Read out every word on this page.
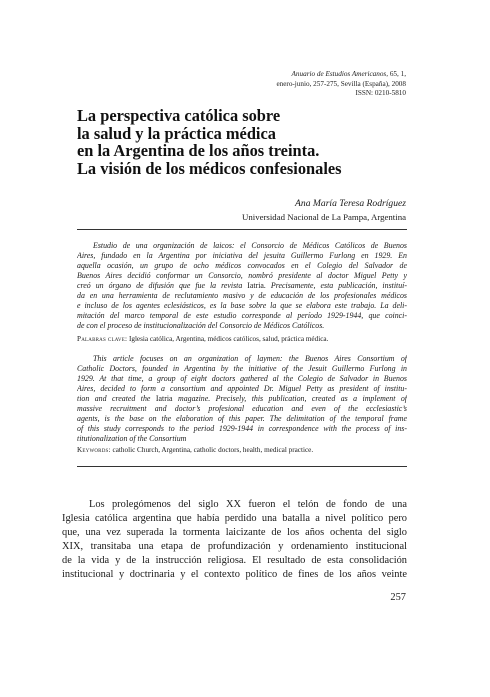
Anuario de Estudios Americanos, 65, 1,
enero-junio, 257-275, Sevilla (España), 2008
ISSN: 0210-5810
La perspectiva católica sobre
la salud y la práctica médica
en la Argentina de los años treinta.
La visión de los médicos confesionales
Ana María Teresa Rodríguez
Universidad Nacional de La Pampa, Argentina
Estudio de una organización de laicos: el Consorcio de Médicos Católicos de Buenos
Aires, fundado en la Argentina por iniciativa del jesuita Guillermo Furlong en 1929. En
aquella ocasión, un grupo de ocho médicos convocados en el Colegio del Salvador de
Buenos Aires decidió conformar un Consorcio, nombró presidente al doctor Miguel Petty y
creó un órgano de difusión que fue la revista Iatria. Precisamente, esta publicación, instituí-
da en una herramienta de reclutamiento masivo y de educación de los profesionales médicos
e incluso de los agentes eclesiásticos, es la base sobre la que se elabora este trabajo. La deli-
mitación del marco temporal de este estudio corresponde al período 1929-1944, que coinci-
de con el proceso de institucionalización del Consorcio de Médicos Católicos.
Palabras clave: Iglesia católica, Argentina, médicos católicos, salud, práctica médica.
This article focuses on an organization of laymen: the Buenos Aires Consortium of
Catholic Doctors, founded in Argentina by the initiative of the Jesuit Guillermo Furlong in
1929. At that time, a group of eight doctors gathered al the Colegio de Salvador in Buenos
Aires, decided to form a consortium and appointed Dr. Miguel Petty as president of institu-
tion and created the Iatria magazine. Precisely, this publication, created as a implement of
massive recruitment and doctor’s profesional education and even of the ecclesiastic’s
agents, is the base on the elaboration of this paper. The delimitation of the temporal frame
of this study corresponds to the period 1929-1944 in correspondence with the process of ins-
titutionalization of the Consortium
Keywords: catholic Church, Argentina, catholic doctors, health, medical practice.
Los prolegómenos del siglo XX fueron el telón de fondo de una
Iglesia católica argentina que había perdido una batalla a nivel político pero
que, una vez superada la tormenta laicizante de los años ochenta del siglo
XIX, transitaba una etapa de profundización y ordenamiento institucional
de la vida y de la instrucción religiosa. El resultado de esta consolidación
institucional y doctrinaria y el contexto político de fines de los años veinte
257
